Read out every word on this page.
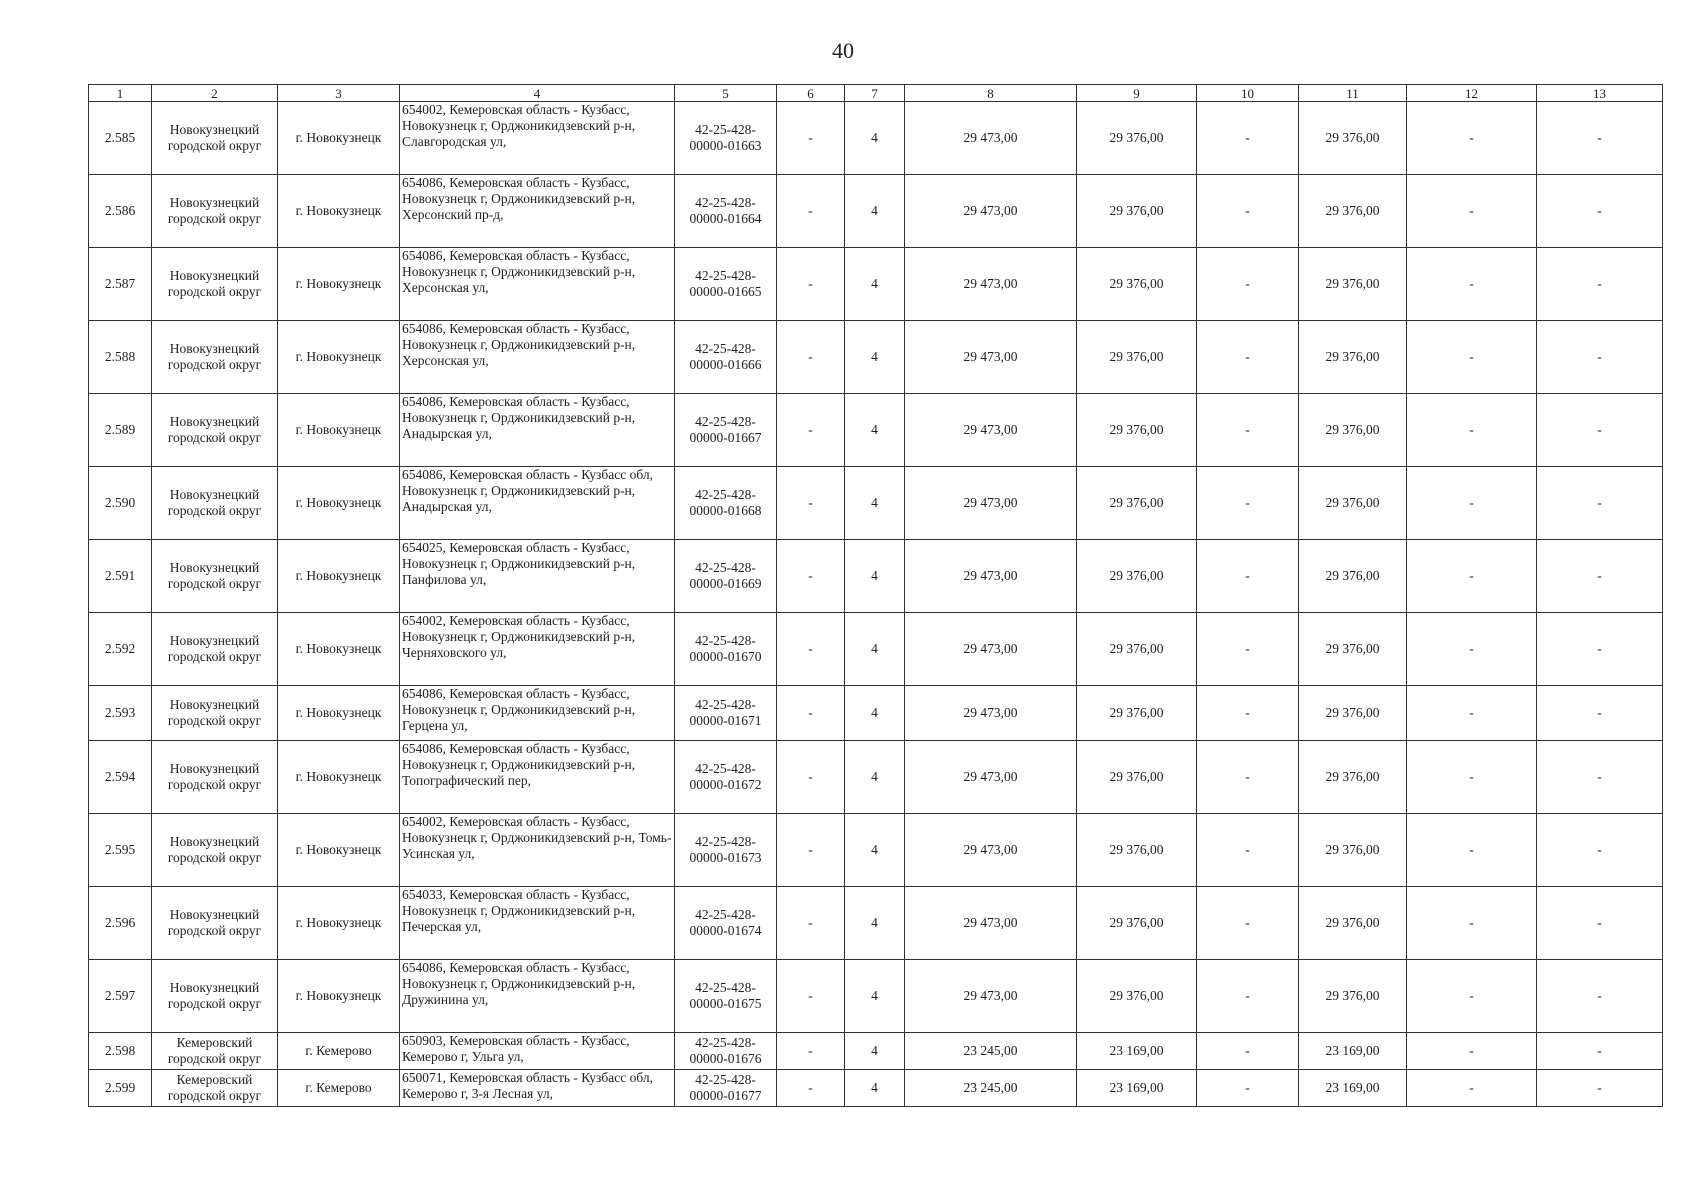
40
1	2	3	4	5	6	7	8	9	10	11	12	13
2.585	Новокузнецкий городской округ	г. Новокузнецк	654002, Кемеровская область - Кузбасс, Новокузнецк г, Орджоникидзевский р-н, Славгородская ул,	42-25-428-00000-01663	-	4	29 473,00	29 376,00	-	29 376,00	-	-
2.586	Новокузнецкий городской округ	г. Новокузнецк	654086, Кемеровская область - Кузбасс, Новокузнецк г, Орджоникидзевский р-н, Херсонский пр-д,	42-25-428-00000-01664	-	4	29 473,00	29 376,00	-	29 376,00	-	-
2.587	Новокузнецкий городской округ	г. Новокузнецк	654086, Кемеровская область - Кузбасс, Новокузнецк г, Орджоникидзевский р-н, Херсонская ул,	42-25-428-00000-01665	-	4	29 473,00	29 376,00	-	29 376,00	-	-
2.588	Новокузнецкий городской округ	г. Новокузнецк	654086, Кемеровская область - Кузбасс, Новокузнецк г, Орджоникидзевский р-н, Херсонская ул,	42-25-428-00000-01666	-	4	29 473,00	29 376,00	-	29 376,00	-	-
2.589	Новокузнецкий городской округ	г. Новокузнецк	654086, Кемеровская область - Кузбасс, Новокузнецк г, Орджоникидзевский р-н, Анадырская ул,	42-25-428-00000-01667	-	4	29 473,00	29 376,00	-	29 376,00	-	-
2.590	Новокузнецкий городской округ	г. Новокузнецк	654086, Кемеровская область - Кузбасс обл, Новокузнецк г, Орджоникидзевский р-н, Анадырская ул,	42-25-428-00000-01668	-	4	29 473,00	29 376,00	-	29 376,00	-	-
2.591	Новокузнецкий городской округ	г. Новокузнецк	654025, Кемеровская область - Кузбасс, Новокузнецк г, Орджоникидзевский р-н, Панфилова ул,	42-25-428-00000-01669	-	4	29 473,00	29 376,00	-	29 376,00	-	-
2.592	Новокузнецкий городской округ	г. Новокузнецк	654002, Кемеровская область - Кузбасс, Новокузнецк г, Орджоникидзевский р-н, Черняховского ул,	42-25-428-00000-01670	-	4	29 473,00	29 376,00	-	29 376,00	-	-
2.593	Новокузнецкий городской округ	г. Новокузнецк	654086, Кемеровская область - Кузбасс, Новокузнецк г, Орджоникидзевский р-н, Герцена ул,	42-25-428-00000-01671	-	4	29 473,00	29 376,00	-	29 376,00	-	-
2.594	Новокузнецкий городской округ	г. Новокузнецк	654086, Кемеровская область - Кузбасс, Новокузнецк г, Орджоникидзевский р-н, Топографический пер,	42-25-428-00000-01672	-	4	29 473,00	29 376,00	-	29 376,00	-	-
2.595	Новокузнецкий городской округ	г. Новокузнецк	654002, Кемеровская область - Кузбасс, Новокузнецк г, Орджоникидзевский р-н, Томь-Усинская ул,	42-25-428-00000-01673	-	4	29 473,00	29 376,00	-	29 376,00	-	-
2.596	Новокузнецкий городской округ	г. Новокузнецк	654033, Кемеровская область - Кузбасс, Новокузнецк г, Орджоникидзевский р-н, Печерская ул,	42-25-428-00000-01674	-	4	29 473,00	29 376,00	-	29 376,00	-	-
2.597	Новокузнецкий городской округ	г. Новокузнецк	654086, Кемеровская область - Кузбасс, Новокузнецк г, Орджоникидзевский р-н, Дружинина ул,	42-25-428-00000-01675	-	4	29 473,00	29 376,00	-	29 376,00	-	-
2.598	Кемеровский городской округ	г. Кемерово	650903, Кемеровская область - Кузбасс, Кемерово г, Ульга ул,	42-25-428-00000-01676	-	4	23 245,00	23 169,00	-	23 169,00	-	-
2.599	Кемеровский городской округ	г. Кемерово	650071, Кемеровская область - Кузбасс обл, Кемерово г, 3-я Лесная ул,	42-25-428-00000-01677	-	4	23 245,00	23 169,00	-	23 169,00	-	-
